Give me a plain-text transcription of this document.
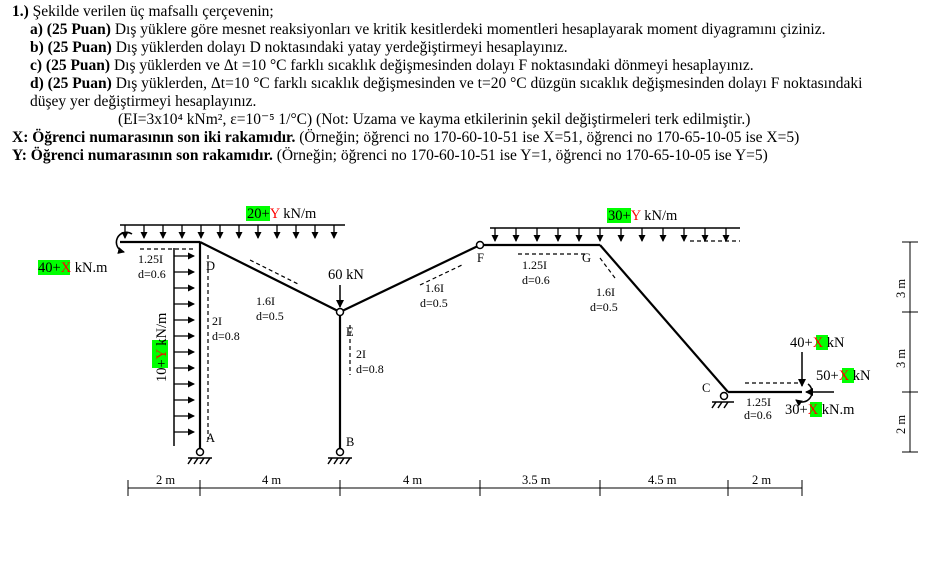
1.) Şekilde verilen üç mafsallı çerçevenin;
a) (25 Puan) Dış yüklere göre mesnet reaksiyonları ve kritik kesitlerdeki momentleri hesaplayarak moment diyagramını çiziniz.
b) (25 Puan) Dış yüklerden dolayı D noktasındaki yatay yerdeğiştirmeyi hesaplayınız.
c) (25 Puan) Dış yüklerden ve Δt =10 °C farklı sıcaklık değişmesinden dolayı F noktasındaki dönmeyi hesaplayınız.
d) (25 Puan) Dış yüklerden, Δt=10 °C farklı sıcaklık değişmesinden ve t=20 °C düzgün sıcaklık değişmesinden dolayı F noktasındaki
düşey yer değiştirmeyi hesaplayınız.
(EI=3x10⁴ kNm², ε=10⁻⁵ 1/°C) (Not: Uzama ve kayma etkilerinin şekil değiştirmeleri terk edilmiştir.)
X: Öğrenci numarasının son iki rakamıdır. (Örneğin; öğrenci no 170-60-10-51 ise X=51, öğrenci no 170-65-10-05 ise X=5)
Y: Öğrenci numarasının son rakamıdır. (Örneğin; öğrenci no 170-60-10-51 ise Y=1, öğrenci no 170-65-10-05 ise Y=5)
20+Y kN/m	30+Y kN/m
40+X kN.m
10+Y kN/m
60 kN
40+X kN
50+X kN
30+X kN.m
D
A
E
B
F	G
C
1.25I
d=0.6
2I
d=0.8
1.6I
d=0.5
2I
d=0.8
1.6I
d=0.5
1.25I
d=0.6
1.6I
d=0.5
1.25I
d=0.6
2 m	4 m	4 m	3.5 m	4.5 m	2 m
3 m
3 m
2 m
